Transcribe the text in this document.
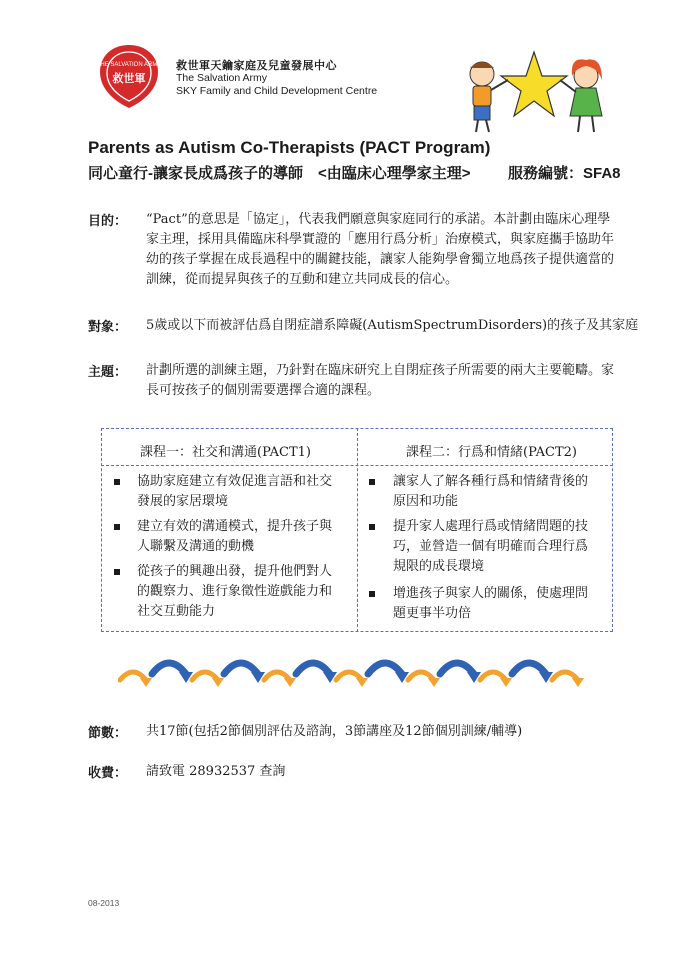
THE SALVATION ARMY
救世軍
救世軍天鑰家庭及兒童發展中心
The Salvation Army
SKY Family and Child Development Centre
Parents as Autism Co-Therapists (PACT Program)
同心童行-讓家長成爲孩子的導師 <由臨床心理學家主理> 服務編號：SFA8
目的： “Pact”的意思是「協定」，代表我們願意與家庭同行的承諾。本計劃由臨床心理學
家主理，採用具備臨床科學實證的「應用行爲分析」治療模式，與家庭攜手協助年
幼的孩子掌握在成長過程中的關鍵技能，讓家人能夠學會獨立地爲孩子提供適當的
訓練，從而提昇與孩子的互動和建立共同成長的信心。
對象： 5歲或以下而被評估爲自閉症譜系障礙(AutismSpectrumDisorders)的孩子及其家庭
主題： 計劃所選的訓練主題，乃針對在臨床研究上自閉症孩子所需要的兩大主要範疇。家
長可按孩子的個別需要選擇合適的課程。
課程一：社交和溝通(PACT1)	課程二：行爲和情緒(PACT2)
協助家庭建立有效促進言語和社交
發展的家居環境
建立有效的溝通模式，提升孩子與
人聯繫及溝通的動機
從孩子的興趣出發，提升他們對人
的觀察力、進行象徵性遊戲能力和
社交互動能力
讓家人了解各種行爲和情緒背後的
原因和功能
提升家人處理行爲或情緒問題的技
巧，並營造一個有明確而合理行爲
規限的成長環境
增進孩子與家人的關係，使處理問
題更事半功倍
節數： 共17節(包括2節個別評估及諮詢，3節講座及12節個別訓練/輔導)
收費： 請致電 28932537 查詢
08-2013
